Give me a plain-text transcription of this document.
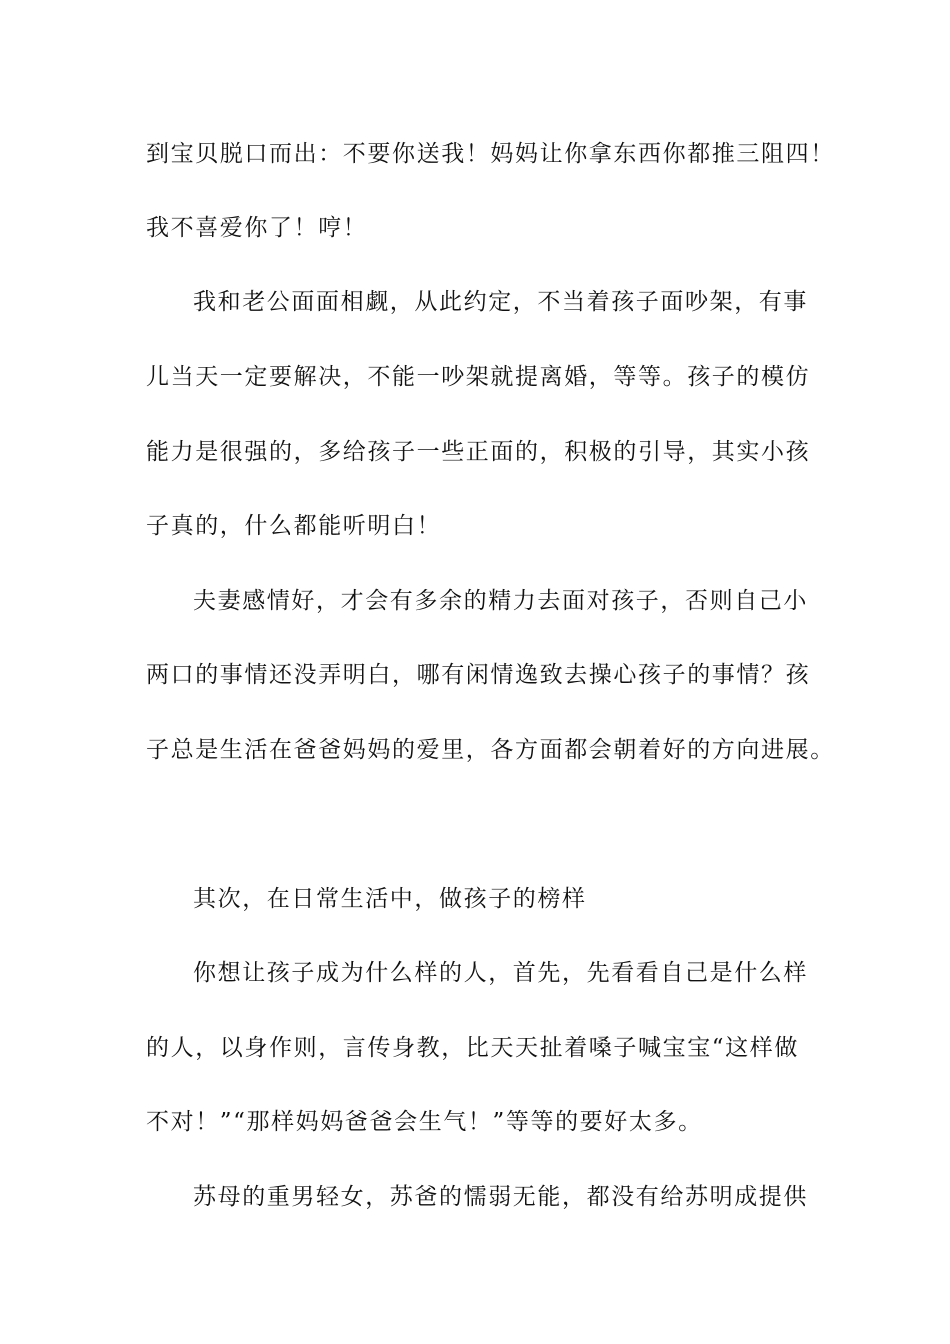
到宝贝脱口而出：不要你送我！妈妈让你拿东西你都推三阻四！
我不喜爱你了！哼！
我和老公面面相觑，从此约定，不当着孩子面吵架，有事
儿当天一定要解决，不能一吵架就提离婚，等等。孩子的模仿
能力是很强的，多给孩子一些正面的，积极的引导，其实小孩
子真的，什么都能听明白！
夫妻感情好，才会有多余的精力去面对孩子，否则自己小
两口的事情还没弄明白，哪有闲情逸致去操心孩子的事情？孩
子总是生活在爸爸妈妈的爱里，各方面都会朝着好的方向进展。
其次，在日常生活中，做孩子的榜样
你想让孩子成为什么样的人，首先，先看看自己是什么样
的人，以身作则，言传身教，比天天扯着嗓子喊宝宝“这样做
不对！”“那样妈妈爸爸会生气！”等等的要好太多。
苏母的重男轻女，苏爸的懦弱无能，都没有给苏明成提供
